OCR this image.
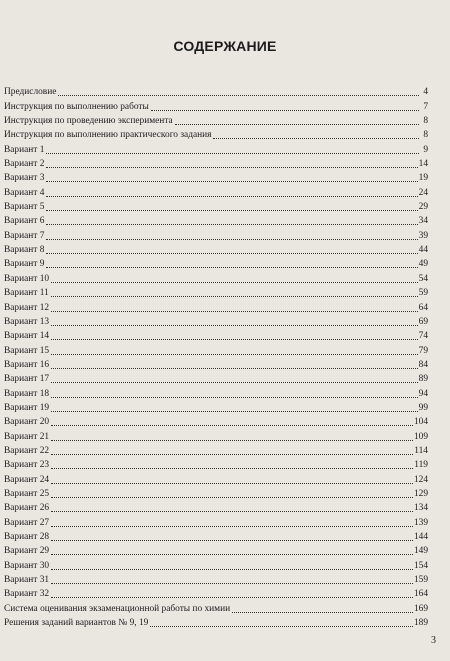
СОДЕРЖАНИЕ
Предисловие	4
Инструкция по выполнению работы	7
Инструкция по проведению эксперимента	8
Инструкция по выполнению практического задания	8
Вариант 1	9
Вариант 2	14
Вариант 3	19
Вариант 4	24
Вариант 5	29
Вариант 6	34
Вариант 7	39
Вариант 8	44
Вариант 9	49
Вариант 10	54
Вариант 11	59
Вариант 12	64
Вариант 13	69
Вариант 14	74
Вариант 15	79
Вариант 16	84
Вариант 17	89
Вариант 18	94
Вариант 19	99
Вариант 20	104
Вариант 21	109
Вариант 22	114
Вариант 23	119
Вариант 24	124
Вариант 25	129
Вариант 26	134
Вариант 27	139
Вариант 28	144
Вариант 29	149
Вариант 30	154
Вариант 31	159
Вариант 32	164
Система оценивания экзаменационной работы по химии	169
Решения заданий вариантов № 9, 19	189
3
